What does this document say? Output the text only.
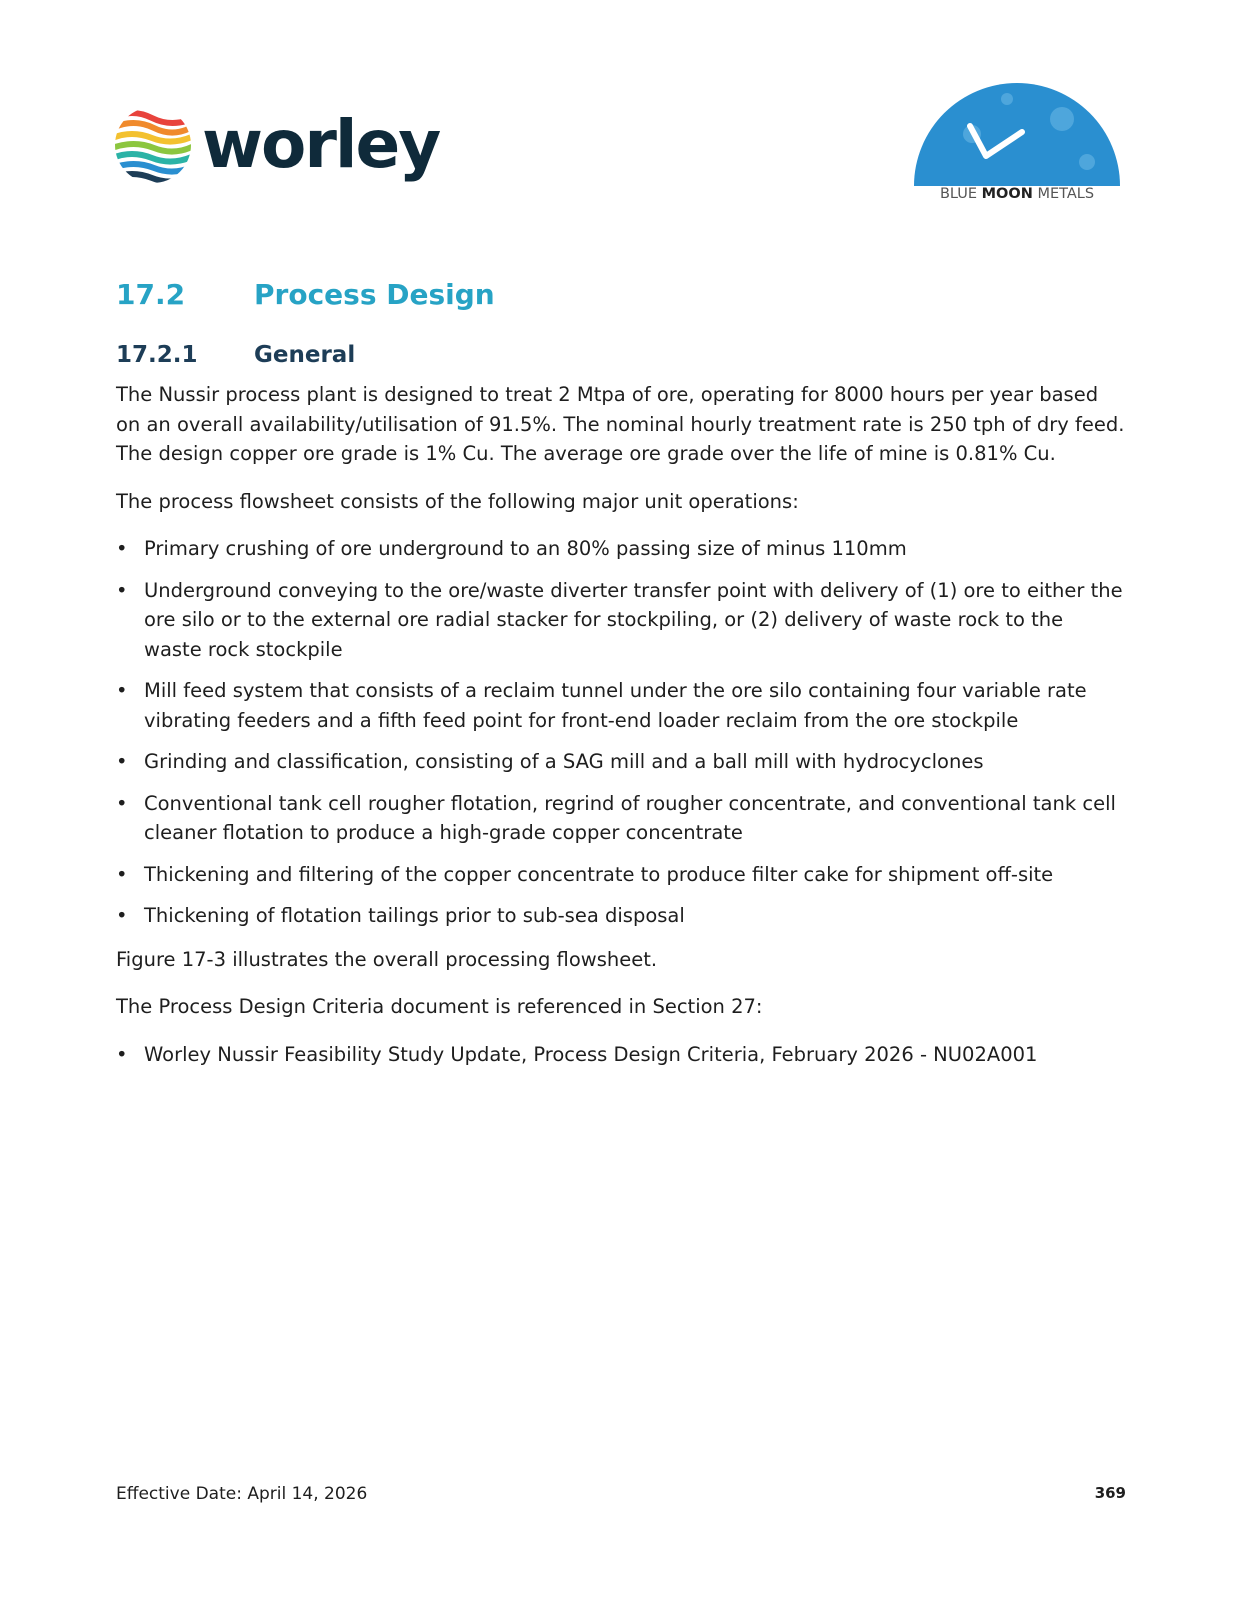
worley
BLUE MOON METALS
17.2 Process Design
17.2.1 General

The Nussir process plant is designed to treat 2 Mtpa of ore, operating for 8000 hours per year based on an overall availability/utilisation of 91.5%. The nominal hourly treatment rate is 250 tph of dry feed. The design copper ore grade is 1% Cu. The average ore grade over the life of mine is 0.81% Cu.

The process flowsheet consists of the following major unit operations:

• Primary crushing of ore underground to an 80% passing size of minus 110mm
• Underground conveying to the ore/waste diverter transfer point with delivery of (1) ore to either the ore silo or to the external ore radial stacker for stockpiling, or (2) delivery of waste rock to the waste rock stockpile
• Mill feed system that consists of a reclaim tunnel under the ore silo containing four variable rate vibrating feeders and a fifth feed point for front-end loader reclaim from the ore stockpile
• Grinding and classification, consisting of a SAG mill and a ball mill with hydrocyclones
• Conventional tank cell rougher flotation, regrind of rougher concentrate, and conventional tank cell cleaner flotation to produce a high-grade copper concentrate
• Thickening and filtering of the copper concentrate to produce filter cake for shipment off-site
• Thickening of flotation tailings prior to sub-sea disposal

Figure 17-3 illustrates the overall processing flowsheet.

The Process Design Criteria document is referenced in Section 27:

• Worley Nussir Feasibility Study Update, Process Design Criteria, February 2026 - NU02A001
Effective Date: April 14, 2026	369
